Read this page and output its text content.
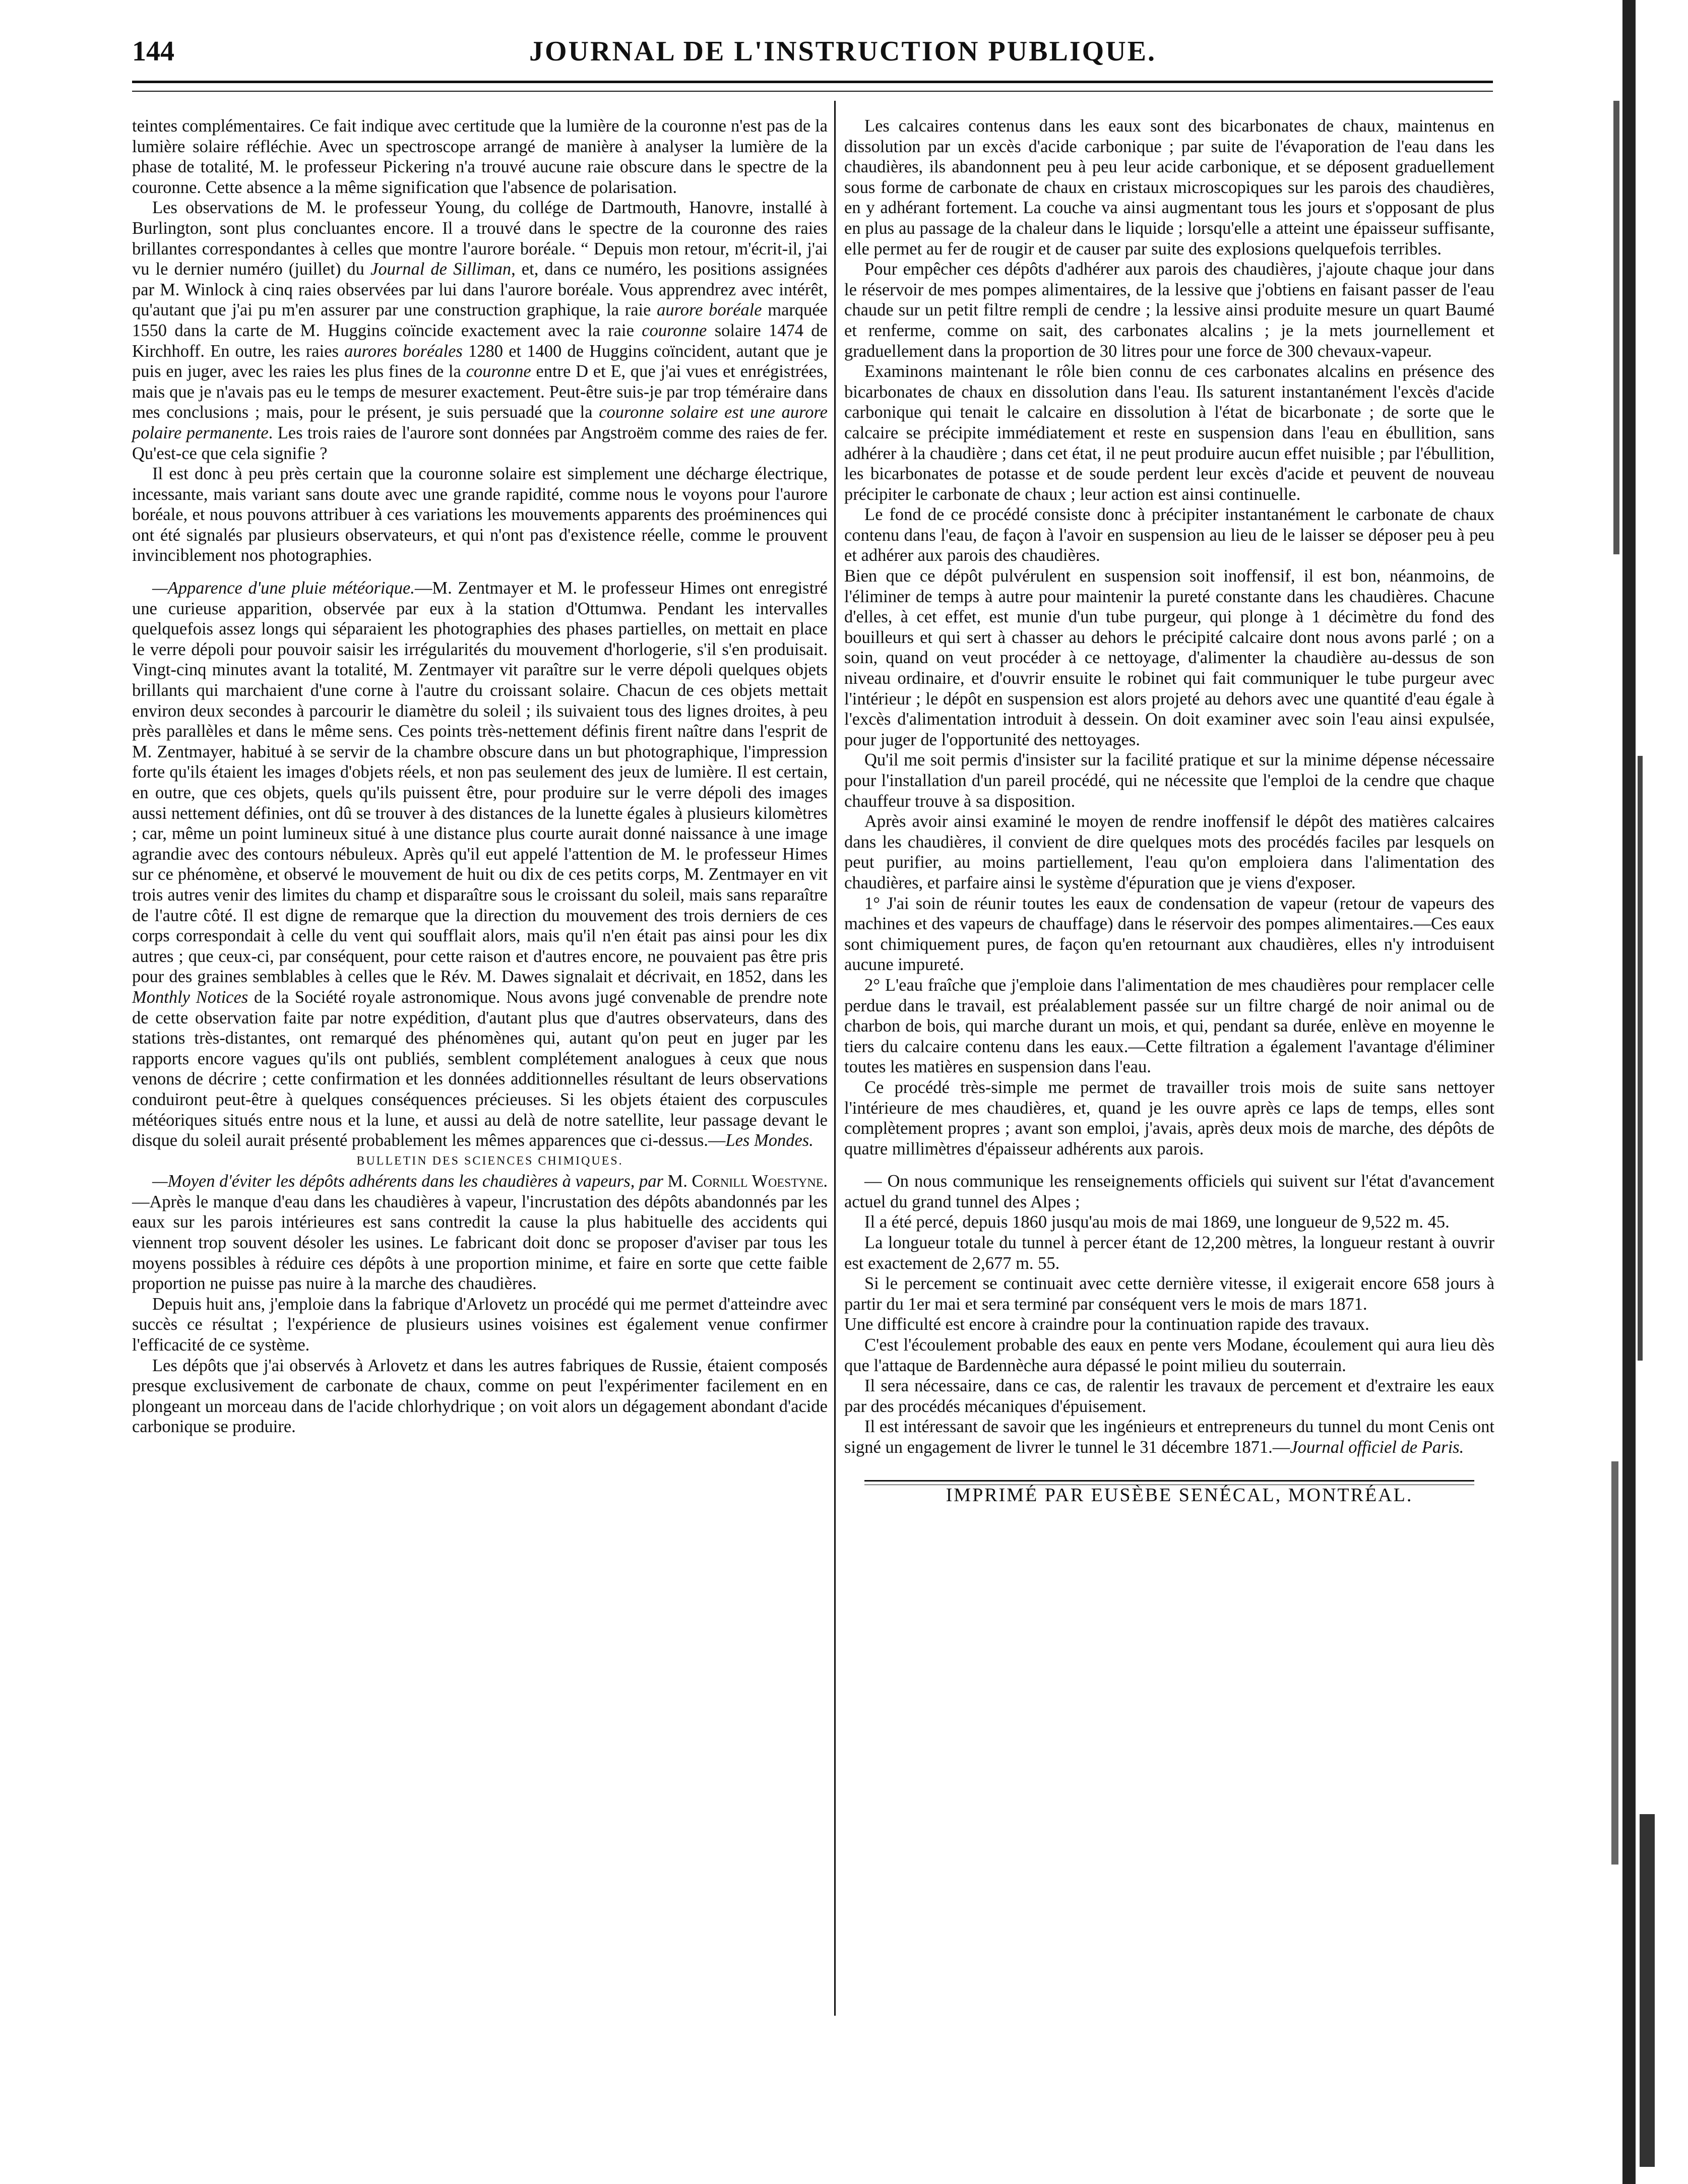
144	JOURNAL DE L'INSTRUCTION PUBLIQUE.

teintes complémentaires. Ce fait indique avec certitude que la lumière de la couronne n'est pas de la lumière solaire réfléchie. Avec un spectroscope arrangé de manière à analyser la lumière de la phase de totalité, M. le professeur Pickering n'a trouvé aucune raie obscure dans le spectre de la couronne. Cette absence a la même signification que l'absence de polarisation.

Les observations de M. le professeur Young, du collége de Dartmouth, Hanovre, installé à Burlington, sont plus concluantes encore. Il a trouvé dans le spectre de la couronne des raies brillantes correspondantes à celles que montre l'aurore boréale. “ Depuis mon retour, m'écrit-il, j'ai vu le dernier numéro (juillet) du Journal de Silliman, et, dans ce numéro, les positions assignées par M. Winlock à cinq raies observées par lui dans l'aurore boréale. Vous apprendrez avec intérêt, qu'autant que j'ai pu m'en assurer par une construction graphique, la raie aurore boréale marquée 1550 dans la carte de M. Huggins coïncide exactement avec la raie couronne solaire 1474 de Kirchhoff. En outre, les raies aurores boréales 1280 et 1400 de Huggins coïncident, autant que je puis en juger, avec les raies les plus fines de la couronne entre D et E, que j'ai vues et enrégistrées, mais que je n'avais pas eu le temps de mesurer exactement. Peut-être suis-je par trop téméraire dans mes conclusions ; mais, pour le présent, je suis persuadé que la couronne solaire est une aurore polaire permanente. Les trois raies de l'aurore sont données par Angstroëm comme des raies de fer. Qu'est-ce que cela signifie ?

Il est donc à peu près certain que la couronne solaire est simplement une décharge électrique, incessante, mais variant sans doute avec une grande rapidité, comme nous le voyons pour l'aurore boréale, et nous pouvons attribuer à ces variations les mouvements apparents des proéminences qui ont été signalés par plusieurs observateurs, et qui n'ont pas d'existence réelle, comme le prouvent invinciblement nos photographies.

—Apparence d'une pluie météorique.—M. Zentmayer et M. le professeur Himes ont enregistré une curieuse apparition, observée par eux à la station d'Ottumwa. Pendant les intervalles quelquefois assez longs qui séparaient les photographies des phases partielles, on mettait en place le verre dépoli pour pouvoir saisir les irrégularités du mouvement d'horlogerie, s'il s'en produisait. Vingt-cinq minutes avant la totalité, M. Zentmayer vit paraître sur le verre dépoli quelques objets brillants qui marchaient d'une corne à l'autre du croissant solaire. Chacun de ces objets mettait environ deux secondes à parcourir le diamètre du soleil ; ils suivaient tous des lignes droites, à peu près parallèles et dans le même sens. Ces points très-nettement définis firent naître dans l'esprit de M. Zentmayer, habitué à se servir de la chambre obscure dans un but photographique, l'impression forte qu'ils étaient les images d'objets réels, et non pas seulement des jeux de lumière. Il est certain, en outre, que ces objets, quels qu'ils puissent être, pour produire sur le verre dépoli des images aussi nettement définies, ont dû se trouver à des distances de la lunette égales à plusieurs kilomètres ; car, même un point lumineux situé à une distance plus courte aurait donné naissance à une image agrandie avec des contours nébuleux. Après qu'il eut appelé l'attention de M. le professeur Himes sur ce phénomène, et observé le mouvement de huit ou dix de ces petits corps, M. Zentmayer en vit trois autres venir des limites du champ et disparaître sous le croissant du soleil, mais sans reparaître de l'autre côté. Il est digne de remarque que la direction du mouvement des trois derniers de ces corps correspondait à celle du vent qui soufflait alors, mais qu'il n'en était pas ainsi pour les dix autres ; que ceux-ci, par conséquent, pour cette raison et d'autres encore, ne pouvaient pas être pris pour des graines semblables à celles que le Rév. M. Dawes signalait et décrivait, en 1852, dans les Monthly Notices de la Société royale astronomique. Nous avons jugé convenable de prendre note de cette observation faite par notre expédition, d'autant plus que d'autres observateurs, dans des stations très-distantes, ont remarqué des phénomènes qui, autant qu'on peut en juger par les rapports encore vagues qu'ils ont publiés, semblent complétement analogues à ceux que nous venons de décrire ; cette confirmation et les données additionnelles résultant de leurs observations conduiront peut-être à quelques conséquences précieuses. Si les objets étaient des corpuscules météoriques situés entre nous et la lune, et aussi au delà de notre satellite, leur passage devant le disque du soleil aurait présenté probablement les mêmes apparences que ci-dessus.—Les Mondes.

BULLETIN DES SCIENCES CHIMIQUES.

—Moyen d'éviter les dépôts adhérents dans les chaudières à vapeurs, par M. Cornill Woestyne.—Après le manque d'eau dans les chaudières à vapeur, l'incrustation des dépôts abandonnés par les eaux sur les parois intérieures est sans contredit la cause la plus habituelle des accidents qui viennent trop souvent désoler les usines. Le fabricant doit donc se proposer d'aviser par tous les moyens possibles à réduire ces dépôts à une proportion minime, et faire en sorte que cette faible proportion ne puisse pas nuire à la marche des chaudières.

Depuis huit ans, j'emploie dans la fabrique d'Arlovetz un procédé qui me permet d'atteindre avec succès ce résultat ; l'expérience de plusieurs usines voisines est également venue confirmer l'efficacité de ce système.

Les dépôts que j'ai observés à Arlovetz et dans les autres fabriques de Russie, étaient composés presque exclusivement de carbonate de chaux, comme on peut l'expérimenter facilement en en plongeant un morceau dans de l'acide chlorhydrique ; on voit alors un dégagement abondant d'acide carbonique se produire.

Les calcaires contenus dans les eaux sont des bicarbonates de chaux, maintenus en dissolution par un excès d'acide carbonique ; par suite de l'évaporation de l'eau dans les chaudières, ils abandonnent peu à peu leur acide carbonique, et se déposent graduellement sous forme de carbonate de chaux en cristaux microscopiques sur les parois des chaudières, en y adhérant fortement. La couche va ainsi augmentant tous les jours et s'opposant de plus en plus au passage de la chaleur dans le liquide ; lorsqu'elle a atteint une épaisseur suffisante, elle permet au fer de rougir et de causer par suite des explosions quelquefois terribles.

Pour empêcher ces dépôts d'adhérer aux parois des chaudières, j'ajoute chaque jour dans le réservoir de mes pompes alimentaires, de la lessive que j'obtiens en faisant passer de l'eau chaude sur un petit filtre rempli de cendre ; la lessive ainsi produite mesure un quart Baumé et renferme, comme on sait, des carbonates alcalins ; je la mets journellement et graduellement dans la proportion de 30 litres pour une force de 300 chevaux-vapeur.

Examinons maintenant le rôle bien connu de ces carbonates alcalins en présence des bicarbonates de chaux en dissolution dans l'eau. Ils saturent instantanément l'excès d'acide carbonique qui tenait le calcaire en dissolution à l'état de bicarbonate ; de sorte que le calcaire se précipite immédiatement et reste en suspension dans l'eau en ébullition, sans adhérer à la chaudière ; dans cet état, il ne peut produire aucun effet nuisible ; par l'ébullition, les bicarbonates de potasse et de soude perdent leur excès d'acide et peuvent de nouveau précipiter le carbonate de chaux ; leur action est ainsi continuelle.

Le fond de ce procédé consiste donc à précipiter instantanément le carbonate de chaux contenu dans l'eau, de façon à l'avoir en suspension au lieu de le laisser se déposer peu à peu et adhérer aux parois des chaudières.

Bien que ce dépôt pulvérulent en suspension soit inoffensif, il est bon, néanmoins, de l'éliminer de temps à autre pour maintenir la pureté constante dans les chaudières. Chacune d'elles, à cet effet, est munie d'un tube purgeur, qui plonge à 1 décimètre du fond des bouilleurs et qui sert à chasser au dehors le précipité calcaire dont nous avons parlé ; on a soin, quand on veut procéder à ce nettoyage, d'alimenter la chaudière au-dessus de son niveau ordinaire, et d'ouvrir ensuite le robinet qui fait communiquer le tube purgeur avec l'intérieur ; le dépôt en suspension est alors projeté au dehors avec une quantité d'eau égale à l'excès d'alimentation introduit à dessein. On doit examiner avec soin l'eau ainsi expulsée, pour juger de l'opportunité des nettoyages.

Qu'il me soit permis d'insister sur la facilité pratique et sur la minime dépense nécessaire pour l'installation d'un pareil procédé, qui ne nécessite que l'emploi de la cendre que chaque chauffeur trouve à sa disposition.

Après avoir ainsi examiné le moyen de rendre inoffensif le dépôt des matières calcaires dans les chaudières, il convient de dire quelques mots des procédés faciles par lesquels on peut purifier, au moins partiellement, l'eau qu'on emploiera dans l'alimentation des chaudières, et parfaire ainsi le système d'épuration que je viens d'exposer.

1° J'ai soin de réunir toutes les eaux de condensation de vapeur (retour de vapeurs des machines et des vapeurs de chauffage) dans le réservoir des pompes alimentaires.—Ces eaux sont chimiquement pures, de façon qu'en retournant aux chaudières, elles n'y introduisent aucune impureté.

2° L'eau fraîche que j'emploie dans l'alimentation de mes chaudières pour remplacer celle perdue dans le travail, est préalablement passée sur un filtre chargé de noir animal ou de charbon de bois, qui marche durant un mois, et qui, pendant sa durée, enlève en moyenne le tiers du calcaire contenu dans les eaux.—Cette filtration a également l'avantage d'éliminer toutes les matières en suspension dans l'eau.

Ce procédé très-simple me permet de travailler trois mois de suite sans nettoyer l'intérieure de mes chaudières, et, quand je les ouvre après ce laps de temps, elles sont complètement propres ; avant son emploi, j'avais, après deux mois de marche, des dépôts de quatre millimètres d'épaisseur adhérents aux parois.

— On nous communique les renseignements officiels qui suivent sur l'état d'avancement actuel du grand tunnel des Alpes ;

Il a été percé, depuis 1860 jusqu'au mois de mai 1869, une longueur de 9,522 m. 45.

La longueur totale du tunnel à percer étant de 12,200 mètres, la longueur restant à ouvrir est exactement de 2,677 m. 55.

Si le percement se continuait avec cette dernière vitesse, il exigerait encore 658 jours à partir du 1er mai et sera terminé par conséquent vers le mois de mars 1871.

Une difficulté est encore à craindre pour la continuation rapide des travaux.

C'est l'écoulement probable des eaux en pente vers Modane, écoulement qui aura lieu dès que l'attaque de Bardennèche aura dépassé le point milieu du souterrain.

Il sera nécessaire, dans ce cas, de ralentir les travaux de percement et d'extraire les eaux par des procédés mécaniques d'épuisement.

Il est intéressant de savoir que les ingénieurs et entrepreneurs du tunnel du mont Cenis ont signé un engagement de livrer le tunnel le 31 décembre 1871.—Journal officiel de Paris.

IMPRIMÉ PAR EUSÈBE SENÉCAL, MONTRÉAL.
